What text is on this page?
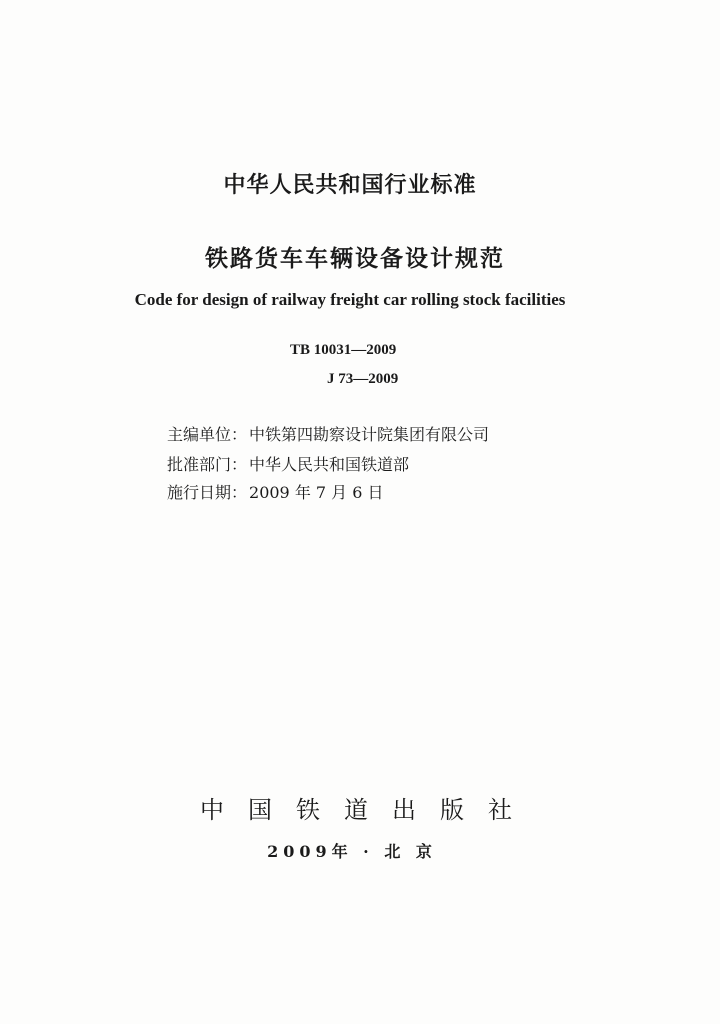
中华人民共和国行业标准
铁路货车车辆设备设计规范
Code for design of railway freight car rolling stock facilities
TB 10031—2009
J 73—2009
主编单位： 中铁第四勘察设计院集团有限公司
批准部门： 中华人民共和国铁道部
施行日期： 2009 年 7 月 6 日
中国铁道出版社
2009年 · 北 京
